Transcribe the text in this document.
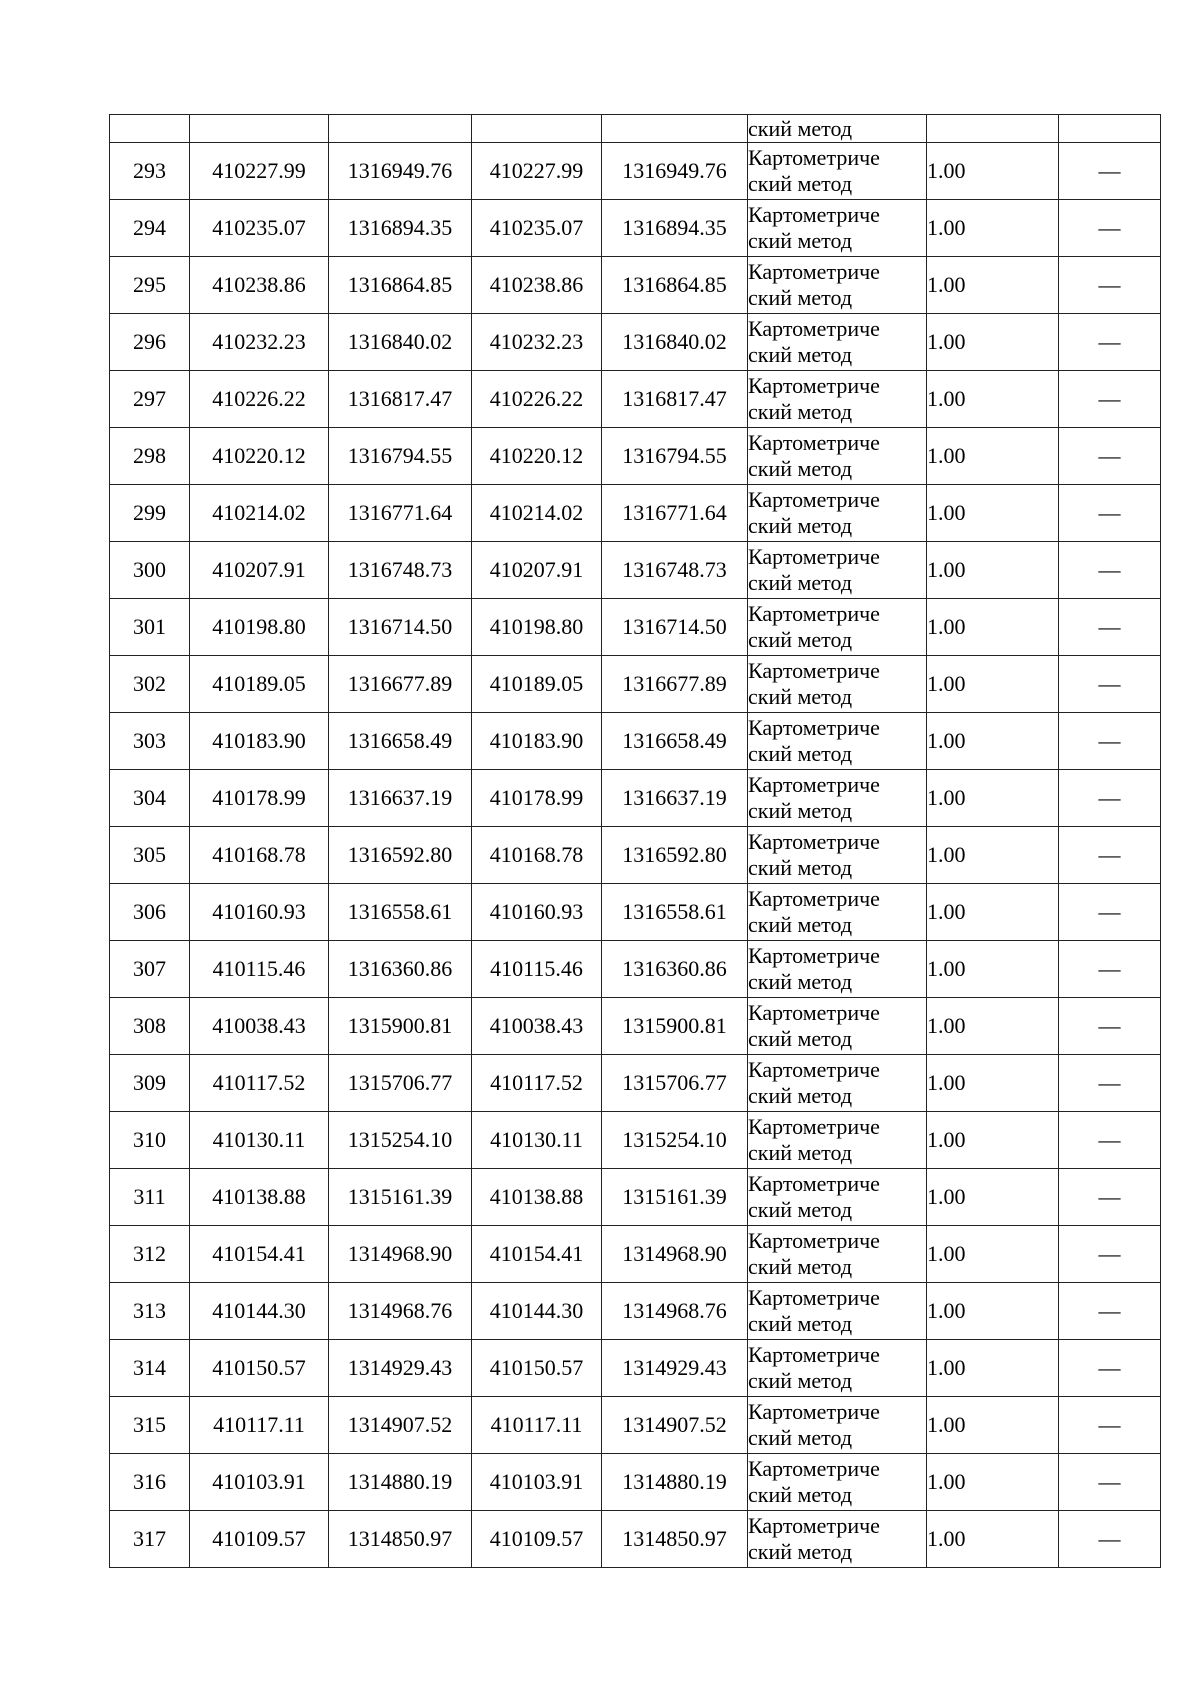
					ский метод		
293	410227.99	1316949.76	410227.99	1316949.76	Картометриче
ский метод	1.00	—
294	410235.07	1316894.35	410235.07	1316894.35	Картометриче
ский метод	1.00	—
295	410238.86	1316864.85	410238.86	1316864.85	Картометриче
ский метод	1.00	—
296	410232.23	1316840.02	410232.23	1316840.02	Картометриче
ский метод	1.00	—
297	410226.22	1316817.47	410226.22	1316817.47	Картометриче
ский метод	1.00	—
298	410220.12	1316794.55	410220.12	1316794.55	Картометриче
ский метод	1.00	—
299	410214.02	1316771.64	410214.02	1316771.64	Картометриче
ский метод	1.00	—
300	410207.91	1316748.73	410207.91	1316748.73	Картометриче
ский метод	1.00	—
301	410198.80	1316714.50	410198.80	1316714.50	Картометриче
ский метод	1.00	—
302	410189.05	1316677.89	410189.05	1316677.89	Картометриче
ский метод	1.00	—
303	410183.90	1316658.49	410183.90	1316658.49	Картометриче
ский метод	1.00	—
304	410178.99	1316637.19	410178.99	1316637.19	Картометриче
ский метод	1.00	—
305	410168.78	1316592.80	410168.78	1316592.80	Картометриче
ский метод	1.00	—
306	410160.93	1316558.61	410160.93	1316558.61	Картометриче
ский метод	1.00	—
307	410115.46	1316360.86	410115.46	1316360.86	Картометриче
ский метод	1.00	—
308	410038.43	1315900.81	410038.43	1315900.81	Картометриче
ский метод	1.00	—
309	410117.52	1315706.77	410117.52	1315706.77	Картометриче
ский метод	1.00	—
310	410130.11	1315254.10	410130.11	1315254.10	Картометриче
ский метод	1.00	—
311	410138.88	1315161.39	410138.88	1315161.39	Картометриче
ский метод	1.00	—
312	410154.41	1314968.90	410154.41	1314968.90	Картометриче
ский метод	1.00	—
313	410144.30	1314968.76	410144.30	1314968.76	Картометриче
ский метод	1.00	—
314	410150.57	1314929.43	410150.57	1314929.43	Картометриче
ский метод	1.00	—
315	410117.11	1314907.52	410117.11	1314907.52	Картометриче
ский метод	1.00	—
316	410103.91	1314880.19	410103.91	1314880.19	Картометриче
ский метод	1.00	—
317	410109.57	1314850.97	410109.57	1314850.97	Картометриче
ский метод	1.00	—
